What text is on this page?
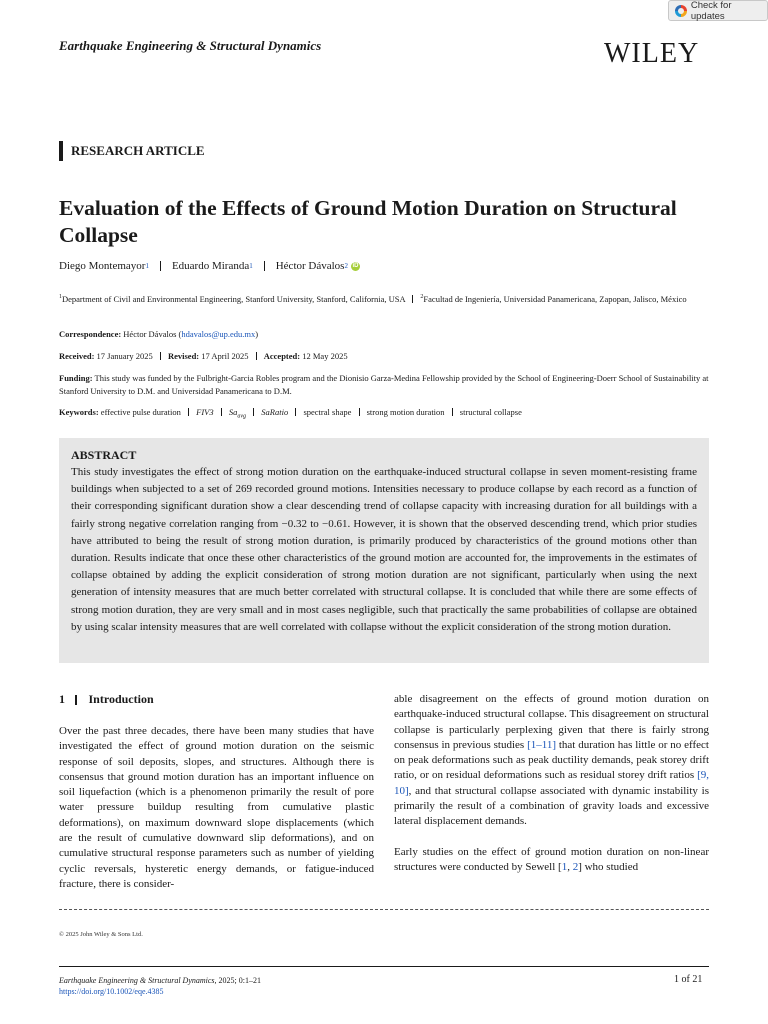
Check for updates
Earthquake Engineering & Structural Dynamics	WILEY
RESEARCH ARTICLE
Evaluation of the Effects of Ground Motion Duration on Structural Collapse
Diego Montemayor 1 Eduardo Miranda 1 Héctor Dávalos 2 iD
$^1$Department of Civil and Environmental Engineering, Stanford University, Stanford, California, USA	$^2$Facultad de Ingeniería, Universidad Panamericana, Zapopan, Jalisco, México
Correspondence: Héctor Dávalos (hdavalos@up.edu.mx)
Received: 17 January 2025 Revised: 17 April 2025 Accepted: 12 May 2025
Funding: This study was funded by the Fulbright-Garcia Robles program and the Dionisio Garza-Medina Fellowship provided by the School of Engineering-Doerr School of Sustainability at Stanford University to D.M. and Universidad Panamericana to D.M.
Keywords: effective pulse duration FIV3 $Sa_{avg}$ SaRatio spectral shape strong motion duration structural collapse
ABSTRACT
This study investigates the effect of strong motion duration on the earthquake-induced structural collapse in seven moment-resisting frame buildings when subjected to a set of 269 recorded ground motions. Intensities necessary to produce collapse by each record as a function of their corresponding significant duration show a clear descending trend of collapse capacity with increasing duration for all buildings with a fairly strong negative correlation ranging from −0.32 to −0.61. However, it is shown that the observed descending trend, which prior studies have attributed to being the result of strong motion duration, is primarily produced by characteristics of the ground motions other than duration. Results indicate that once these other characteristics of the ground motion are accounted for, the improvements in the estimates of collapse obtained by adding the explicit consideration of strong motion duration are not significant, particularly when using the next generation of intensity measures that are much better correlated with structural collapse. It is concluded that while there are some effects of strong motion duration, they are very small and in most cases negligible, such that practically the same probabilities of collapse are obtained by using scalar intensity measures that are well correlated with collapse without the explicit consideration of the strong motion duration.
1 Introduction
Over the past three decades, there have been many studies that have investigated the effect of ground motion duration on the seismic response of soil deposits, slopes, and structures. Although there is consensus that ground motion duration has an important influence on soil liquefaction (which is a phenomenon primarily the result of pore water pressure buildup resulting from cumulative plastic deformations), on maximum downward slope displacements (which are the result of cumulative downward slip deformations), and on cumulative structural response parameters such as number of yielding cyclic reversals, hysteretic energy demands, or fatigue-induced fracture, there is consider-

able disagreement on the effects of ground motion duration on earthquake-induced structural collapse. This disagreement on structural collapse is particularly perplexing given that there is fairly strong consensus in previous studies [1–11] that duration has little or no effect on peak deformations such as peak ductility demands, peak storey drift ratio, or on residual deformations such as residual storey drift ratios [9, 10], and that structural collapse associated with dynamic instability is primarily the result of a combination of gravity loads and excessive lateral displacement demands.

Early studies on the effect of ground motion duration on non-linear structures were conducted by Sewell [1, 2] who studied

© 2025 John Wiley & Sons Ltd.
Earthquake Engineering & Structural Dynamics, 2025; 0:1–21
https://doi.org/10.1002/eqe.4385
1 of 21
